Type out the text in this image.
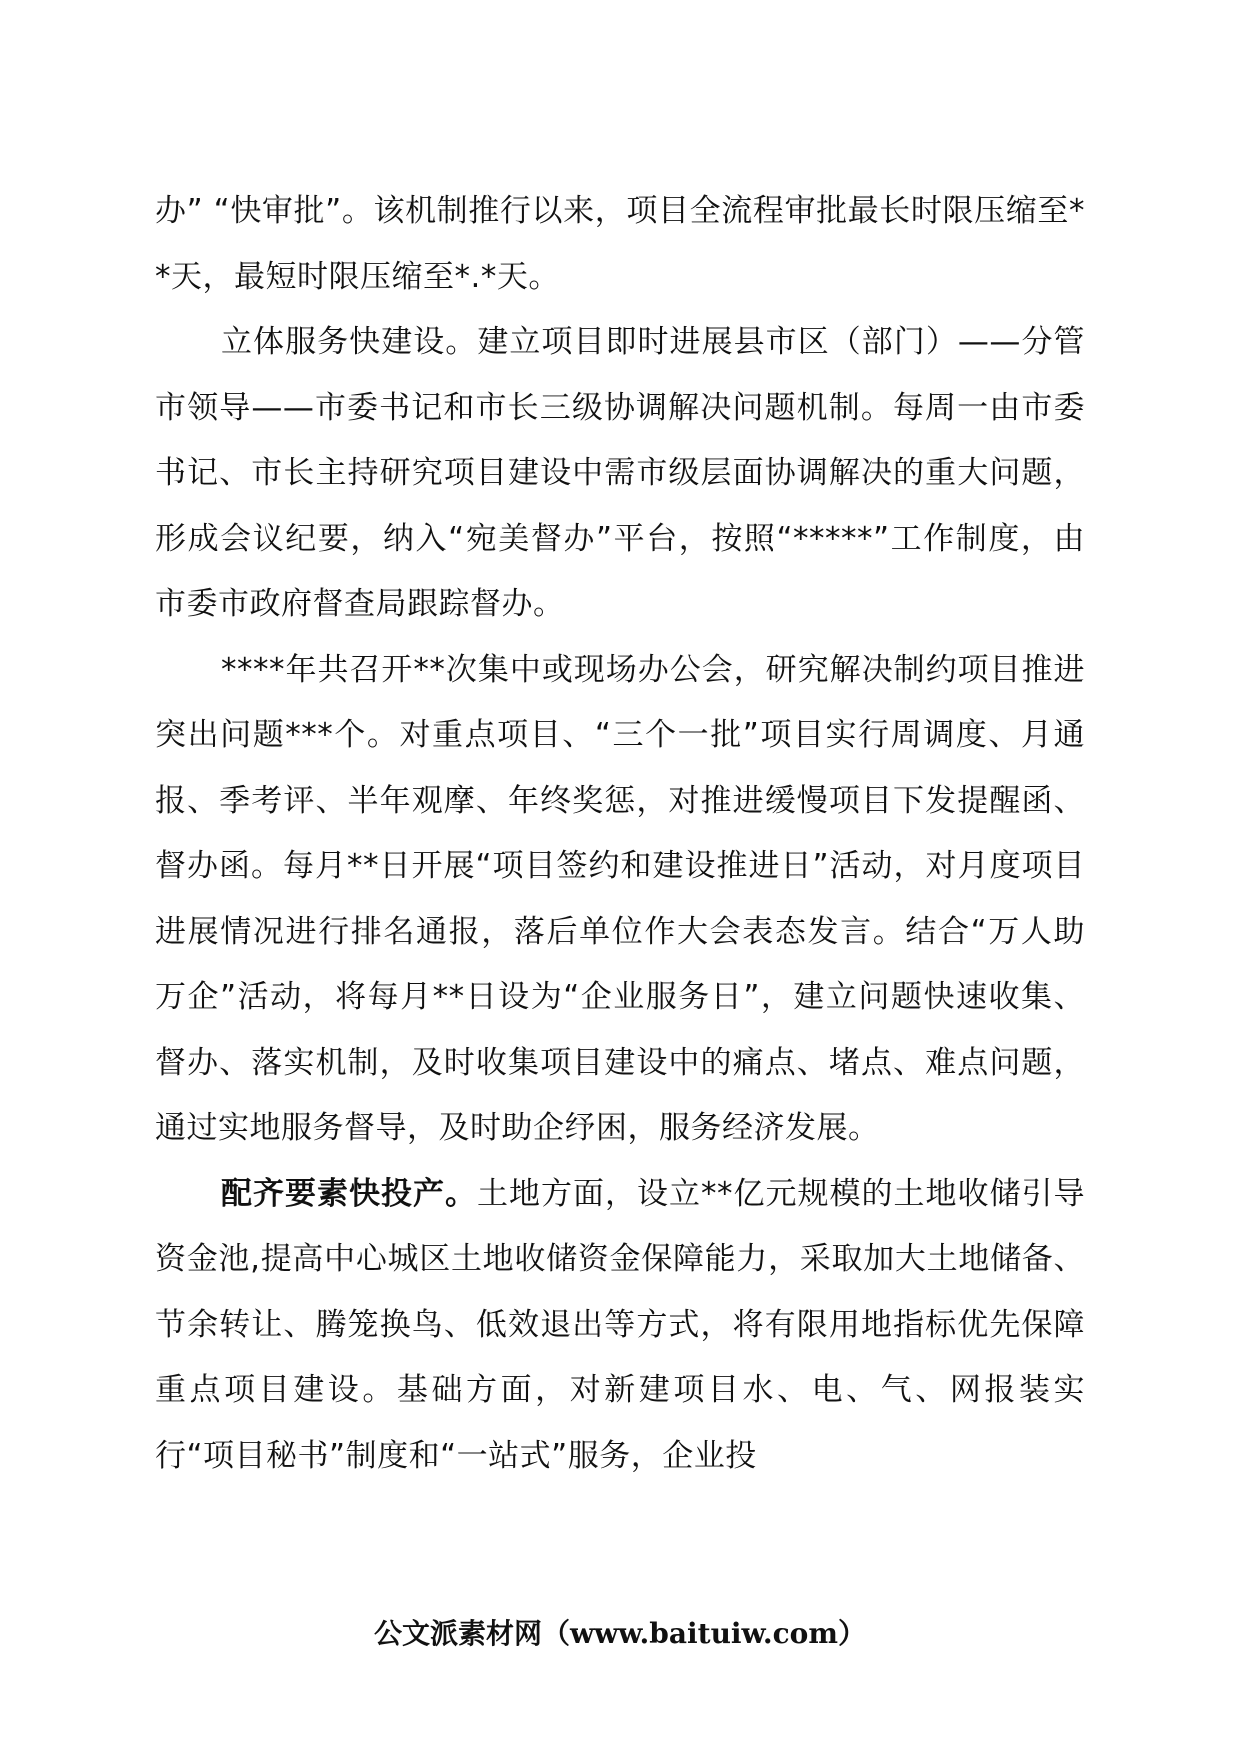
办” “快审批”。该机制推行以来，项目全流程审批最长时限压缩至**天，最短时限压缩至*.*天。

立体服务快建设。建立项目即时进展县市区（部门）——分管市领导——市委书记和市长三级协调解决问题机制。每周一由市委书记、市长主持研究项目建设中需市级层面协调解决的重大问题，形成会议纪要，纳入“宛美督办”平台，按照“*****”工作制度，由市委市政府督查局跟踪督办。

****年共召开**次集中或现场办公会，研究解决制约项目推进突出问题***个。对重点项目、“三个一批”项目实行周调度、月通报、季考评、半年观摩、年终奖惩，对推进缓慢项目下发提醒函、督办函。每月**日开展“项目签约和建设推进日”活动，对月度项目进展情况进行排名通报，落后单位作大会表态发言。结合“万人助万企”活动，将每月**日设为“企业服务日”，建立问题快速收集、督办、落实机制，及时收集项目建设中的痛点、堵点、难点问题，通过实地服务督导，及时助企纾困，服务经济发展。

配齐要素快投产。土地方面，设立**亿元规模的土地收储引导资金池,提高中心城区土地收储资金保障能力，采取加大土地储备、节余转让、腾笼换鸟、低效退出等方式，将有限用地指标优先保障重点项目建设。基础方面，对新建项目水、电、气、网报装实行“项目秘书”制度和“一站式”服务，企业投

公文派素材网（www.baituiw.com）
